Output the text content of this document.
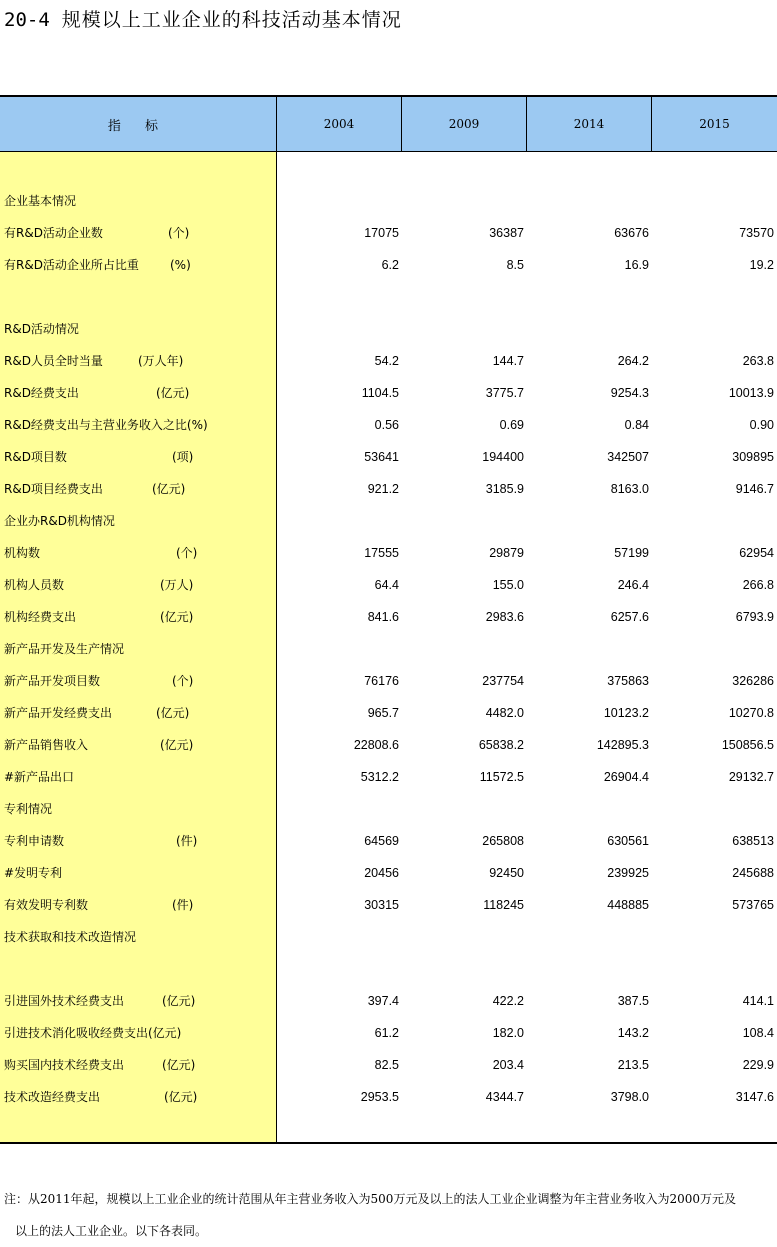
20-4 规模以上工业企业的科技活动基本情况
指 标	2004	2009	2014	2015
企业基本情况
有R&D活动企业数	(个)	17075	36387	63676	73570
有R&D活动企业所占比重	(%)	6.2	8.5	16.9	19.2
R&D活动情况
R&D人员全时当量	(万人年)	54.2	144.7	264.2	263.8
R&D经费支出	(亿元)	1104.5	3775.7	9254.3	10013.9
R&D经费支出与主营业务收入之比(%)	0.56	0.69	0.84	0.90
R&D项目数	(项)	53641	194400	342507	309895
R&D项目经费支出	(亿元)	921.2	3185.9	8163.0	9146.7
企业办R&D机构情况
机构数	(个)	17555	29879	57199	62954
机构人员数	(万人)	64.4	155.0	246.4	266.8
机构经费支出	(亿元)	841.6	2983.6	6257.6	6793.9
新产品开发及生产情况
新产品开发项目数	(个)	76176	237754	375863	326286
新产品开发经费支出	(亿元)	965.7	4482.0	10123.2	10270.8
新产品销售收入	(亿元)	22808.6	65838.2	142895.3	150856.5
#新产品出口	5312.2	11572.5	26904.4	29132.7
专利情况
专利申请数	(件)	64569	265808	630561	638513
#发明专利	20456	92450	239925	245688
有效发明专利数	(件)	30315	118245	448885	573765
技术获取和技术改造情况
引进国外技术经费支出	(亿元)	397.4	422.2	387.5	414.1
引进技术消化吸收经费支出(亿元)	61.2	182.0	143.2	108.4
购买国内技术经费支出	(亿元)	82.5	203.4	213.5	229.9
技术改造经费支出	(亿元)	2953.5	4344.7	3798.0	3147.6
注：从2011年起，规模以上工业企业的统计范围从年主营业务收入为500万元及以上的法人工业企业调整为年主营业务收入为2000万元及
以上的法人工业企业。以下各表同。
